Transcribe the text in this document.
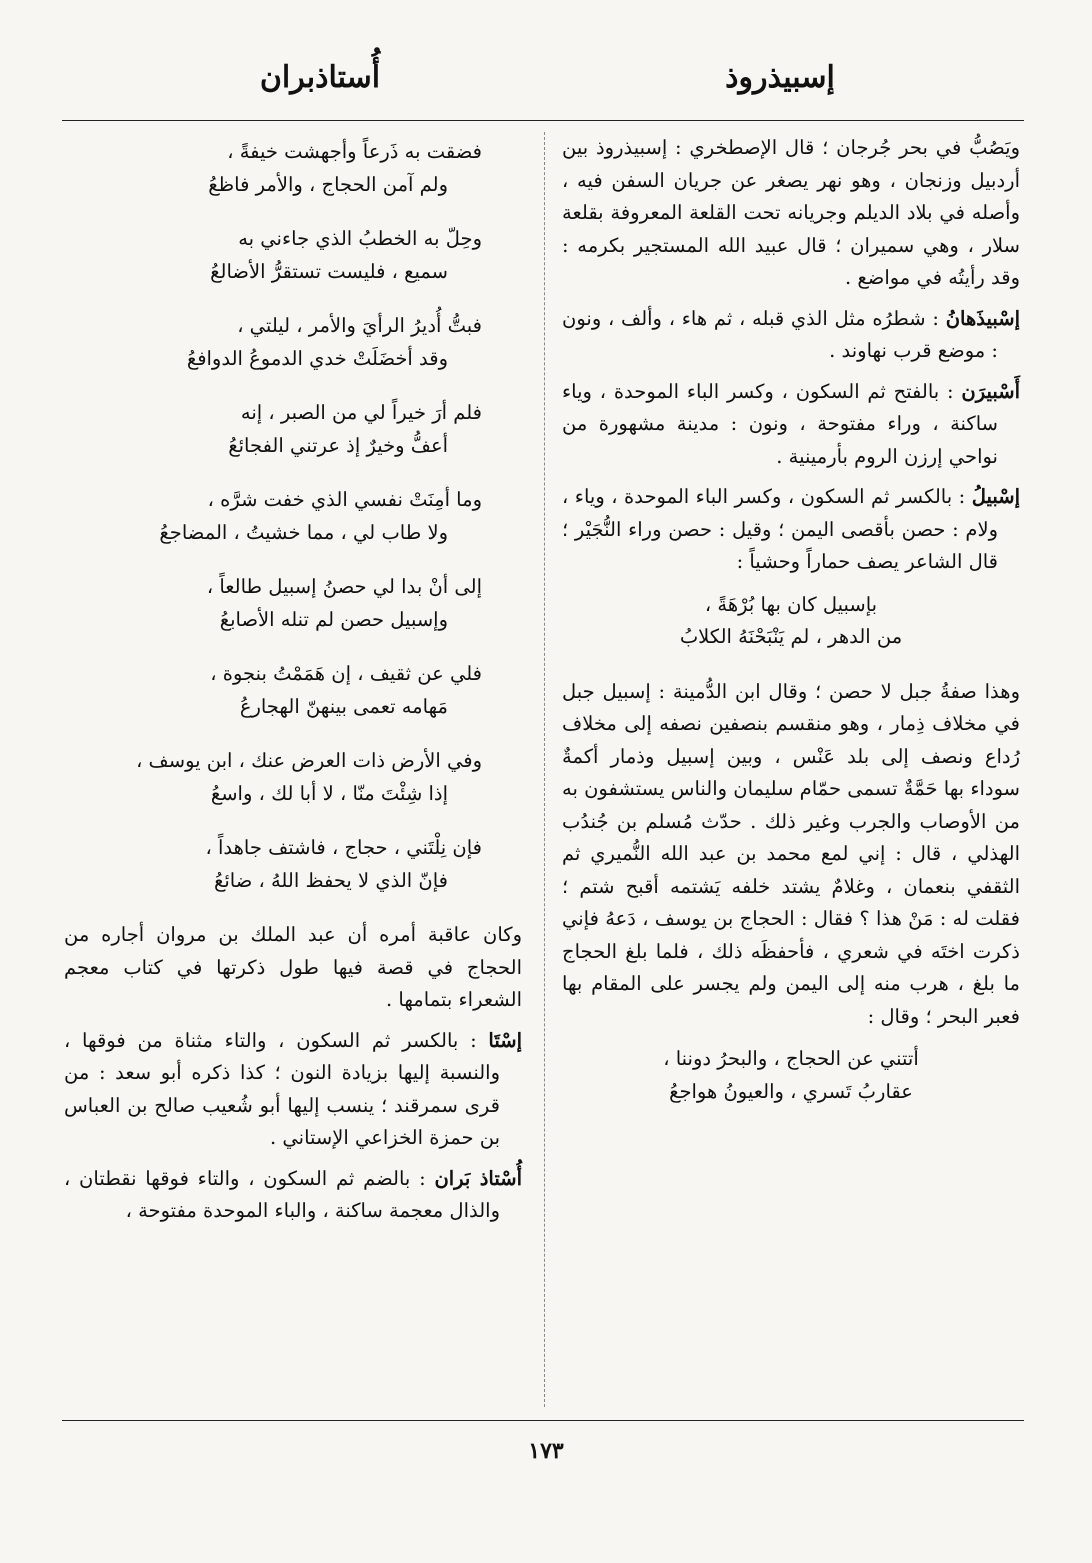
إسبيذروذ
أُستاذبران

ويَصُبُّ في بحر جُرجان ؛ قال الإصطخري : إسبيذروذ بين أردبيل وزنجان ، وهو نهر يصغر عن جريان السفن فيه ، وأصله في بلاد الديلم وجريانه تحت القلعة المعروفة بقلعة سلار ، وهي سميران ؛ قال عبيد الله المستجير بكرمه : وقد رأيتُه في مواضع .

إسْبيذَهانُ : شطرُه مثل الذي قبله ، ثم هاء ، وألف ، ونون : موضع قرب نهاوند .

أَسْبيرَن : بالفتح ثم السكون ، وكسر الباء الموحدة ، وياء ساكنة ، وراء مفتوحة ، ونون : مدينة مشهورة من نواحي إرزن الروم بأرمينية .

إسْبيلُ : بالكسر ثم السكون ، وكسر الباء الموحدة ، وياء ، ولام : حصن بأقصى اليمن ؛ وقيل : حصن وراء النُّجَيْر ؛ قال الشاعر يصف حماراً وحشياً :

بإسبيل كان بها بُرْهَةً ،
من الدهر ، لم يَنْبَحْنَهُ الكلابُ

وهذا صفةُ جبل لا حصن ؛ وقال ابن الدُّمينة : إسبيل جبل في مخلاف ذِمار ، وهو منقسم بنصفين نصفه إلى مخلاف رُداع ونصف إلى بلد عَنْس ، وبين إسبيل وذمار أكمةٌ سوداء بها حَمَّةٌ تسمى حمّام سليمان والناس يستشفون به من الأوصاب والجرب وغير ذلك . حدّث مُسلم بن جُندُب الهذلي ، قال : إني لمع محمد بن عبد الله النُّميري ثم الثقفي بنعمان ، وغلامٌ يشتد خلفه يَشتمه أقبح شتم ؛ فقلت له : مَنْ هذا ؟ فقال : الحجاج بن يوسف ، دَعهُ فإني ذكرت اختَه في شعري ، فأحفظَه ذلك ، فلما بلغ الحجاج ما بلغ ، هرب منه إلى اليمن ولم يجسر على المقام بها فعبر البحر ؛ وقال :

أتتني عن الحجاج ، والبحرُ دوننا ،
عقاربُ تَسري ، والعيونُ هواجعُ
فضقت به ذَرعاً وأجهشت خيفةً ،
ولم آمن الحجاج ، والأمر فاظعُ
وحِلّ به الخطبُ الذي جاءني به
سميع ، فليست تستقرُّ الأضالعُ
فبتُّ أُديرُ الرأيَ والأمر ، ليلتي ،
وقد أخضَلَتْ خدي الدموعُ الدوافعُ
فلم أرَ خيراً لي من الصبر ، إنه
أعفُّ وخيرٌ إذ عرتني الفجائعُ
وما أمِنَتْ نفسي الذي خفت شرَّه ،
ولا طاب لي ، مما خشيتُ ، المضاجعُ
إلى أنْ بدا لي حصنُ إسبيل طالعاً ،
وإسبيل حصن لم تنله الأصابعُ
فلي عن ثقيف ، إن هَمَمْتُ بنجوة ،
مَهامه تعمى بينهنّ الهجارعُ
وفي الأرض ذات العرض عنك ، ابن يوسف ،
إذا شِئْتَ منّا ، لا أبا لك ، واسعُ
فإن نِلْتَني ، حجاج ، فاشتف جاهداً ،
فإنّ الذي لا يحفظ اللهُ ، ضائعُ

وكان عاقبة أمره أن عبد الملك بن مروان أجاره من الحجاج في قصة فيها طول ذكرتها في كتاب معجم الشعراء بتمامها .

إسْتَا : بالكسر ثم السكون ، والتاء مثناة من فوقها ، والنسبة إليها بزيادة النون ؛ كذا ذكره أبو سعد : من قرى سمرقند ؛ ينسب إليها أبو شُعيب صالح بن العباس بن حمزة الخزاعي الإستاني .

أُسْتاذ بَران : بالضم ثم السكون ، والتاء فوقها نقطتان ، والذال معجمة ساكنة ، والباء الموحدة مفتوحة ،

١٧٣
